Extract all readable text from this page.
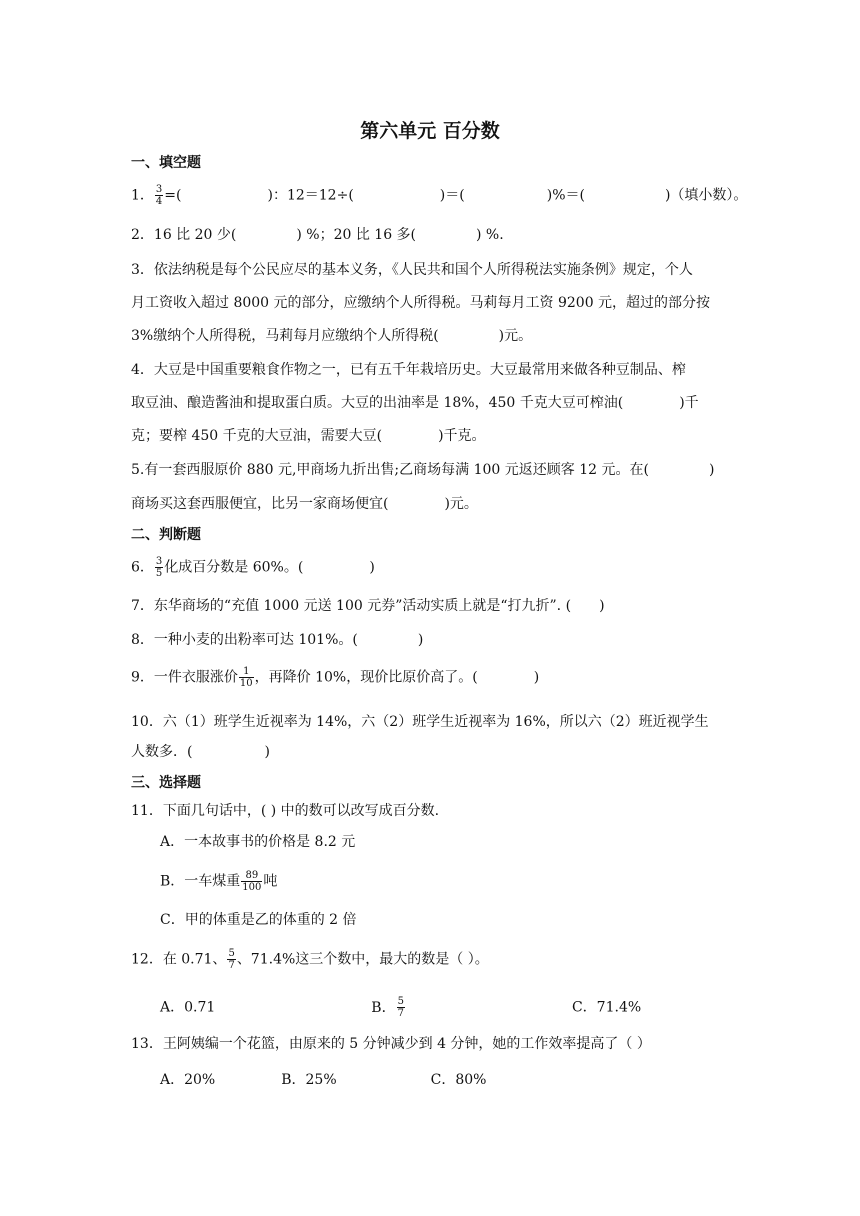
第六单元 百分数
一、填空题
1． $\frac{3}{4}$ =(	)：12＝12÷(	)＝(	)%＝(	)（填小数）。
2．16 比 20 少(	) %；20 比 16 多(	) %.
3．依法纳税是每个公民应尽的基本义务，《人民共和国个人所得税法实施条例》规定，个人
月工资收入超过 8000 元的部分，应缴纳个人所得税。马莉每月工资 9200 元，超过的部分按
3%缴纳个人所得税，马莉每月应缴纳个人所得税(	)元。
4．大豆是中国重要粮食作物之一，已有五千年栽培历史。大豆最常用来做各种豆制品、榨
取豆油、酿造酱油和提取蛋白质。大豆的出油率是 18%，450 千克大豆可榨油(	)千
克；要榨 450 千克的大豆油，需要大豆(	)千克。
5.有一套西服原价 880 元,甲商场九折出售;乙商场每满 100 元返还顾客 12 元。在(	)
商场买这套西服便宜，比另一家商场便宜(	)元。
二、判断题
6． $\frac{3}{5}$ 化成百分数是 60%。(	)
7．东华商场的“充值 1000 元送 100 元券”活动实质上就是“打九折”. ( )
8．一种小麦的出粉率可达 101%。(	)
9．一件衣服涨价 $\frac{1}{10}$ ，再降价 10%，现价比原价高了。(	)
10．六（1）班学生近视率为 14%，六（2）班学生近视率为 16%，所以六（2）班近视学生
人数多．(	)
三、选择题
11．下面几句话中，( ) 中的数可以改写成百分数.
A．一本故事书的价格是 8.2 元
B．一车煤重 $\frac{89}{100}$ 吨
C．甲的体重是乙的体重的 2 倍
12．在 0.71、 $\frac{5}{7}$ 、71.4%这三个数中，最大的数是（ ）。
A．0.71	B． $\frac{5}{7}$	C．71.4%
13．王阿姨编一个花篮，由原来的 5 分钟减少到 4 分钟，她的工作效率提高了（ ）
A．20%	B．25%	C．80%
